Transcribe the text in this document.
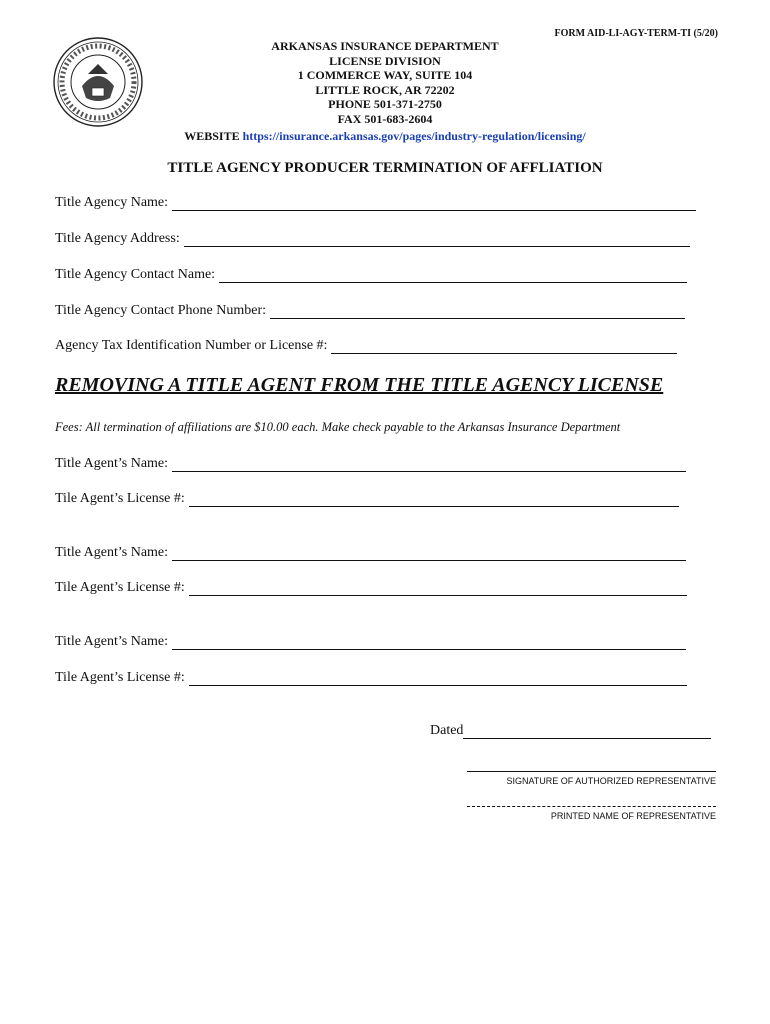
FORM AID-LI-AGY-TERM-TI (5/20)
ARKANSAS INSURANCE DEPARTMENT
LICENSE DIVISION
1 COMMERCE WAY, SUITE 104
LITTLE ROCK, AR 72202
PHONE 501-371-2750
FAX 501-683-2604
WEBSITE https://insurance.arkansas.gov/pages/industry-regulation/licensing/
TITLE AGENCY PRODUCER TERMINATION OF AFFLIATION
Title Agency Name:
Title Agency Address:
Title Agency Contact Name:
Title Agency Contact Phone Number:
Agency Tax Identification Number or License #:
REMOVING A TITLE AGENT FROM THE TITLE AGENCY LICENSE
Fees: All termination of affiliations are $10.00 each. Make check payable to the Arkansas Insurance Department
Title Agent’s Name:
Tile Agent’s License #:
Title Agent’s Name:
Tile Agent’s License #:
Title Agent’s Name:
Tile Agent’s License #:
Dated
SIGNATURE OF AUTHORIZED REPRESENTATIVE
PRINTED NAME OF REPRESENTATIVE
